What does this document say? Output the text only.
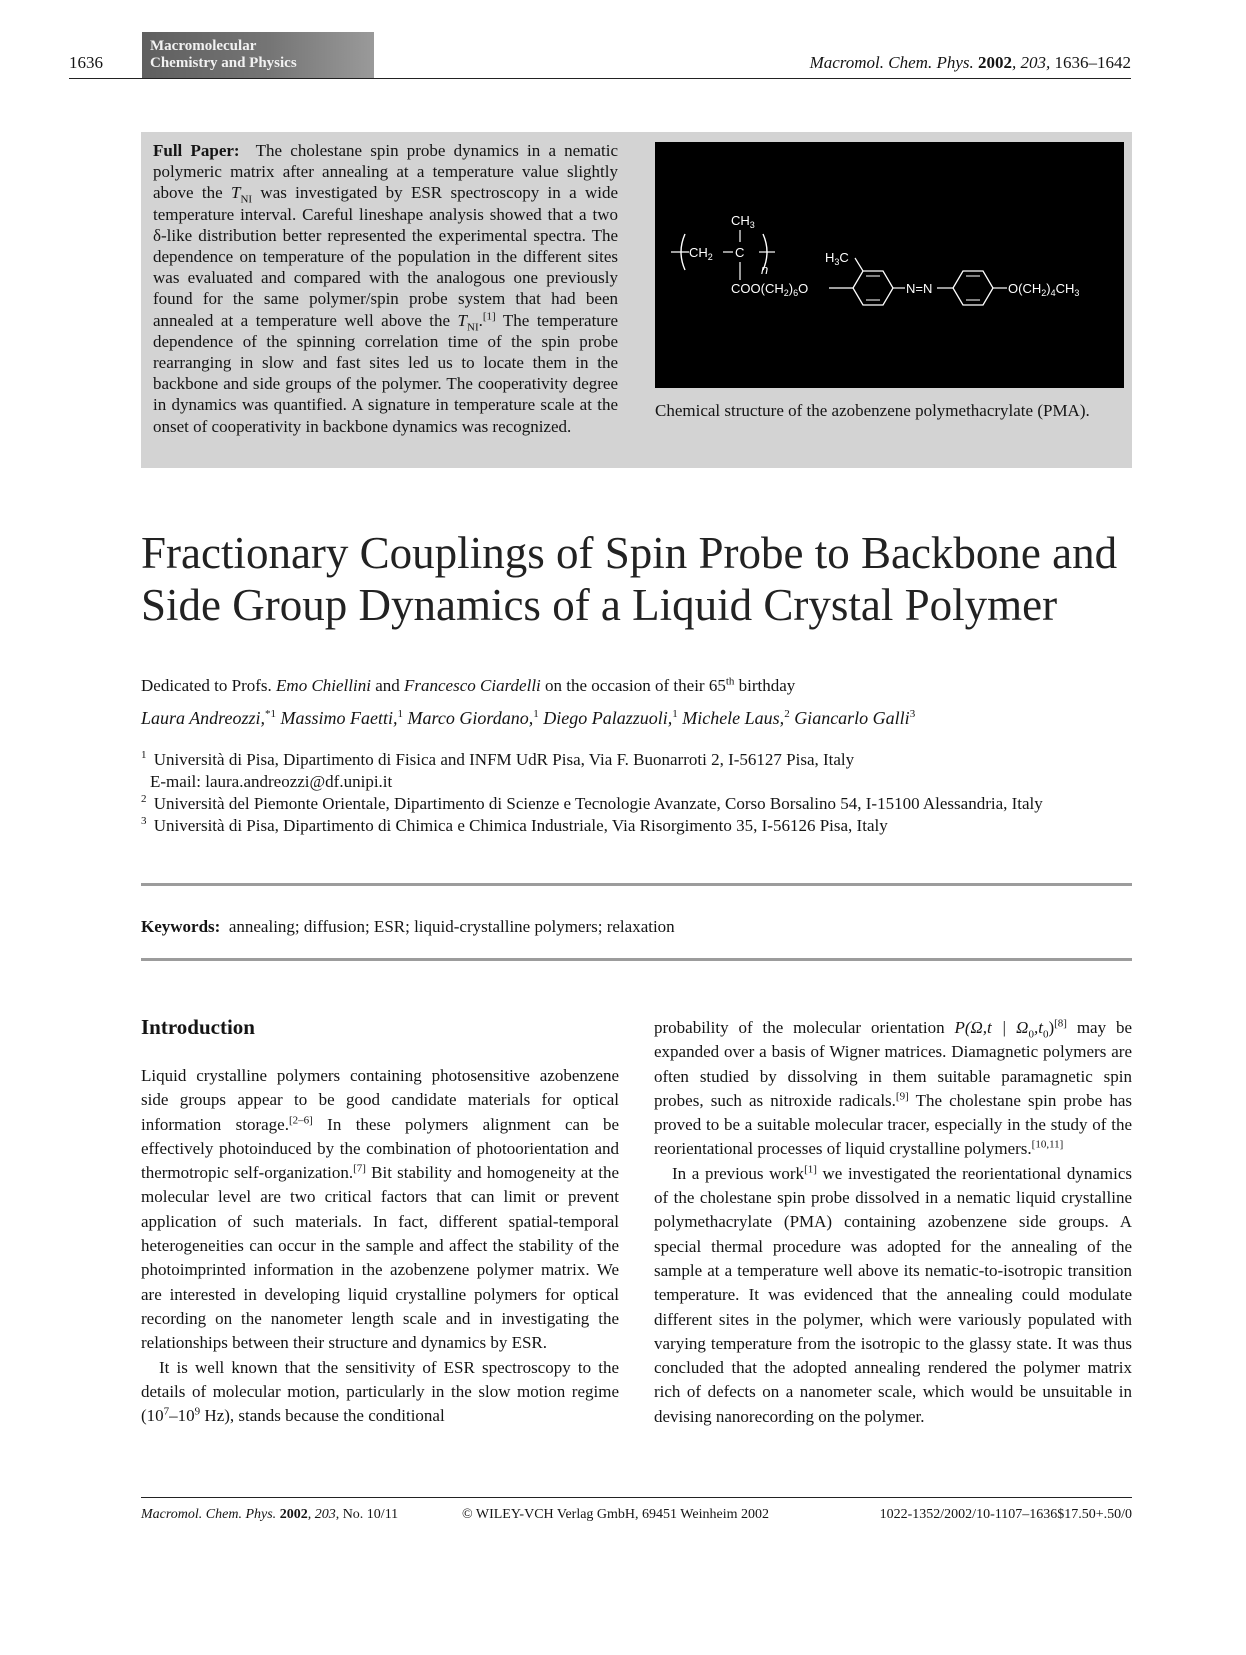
1636
Macromolecular
Chemistry and Physics	Macromol. Chem. Phys. 2002, 203, 1636–1642

Full Paper: The cholestane spin probe dynamics in a nematic polymeric matrix after annealing at a temperature value slightly above the $T_{NI}$ was investigated by ESR spectroscopy in a wide temperature interval. Careful lineshape analysis showed that a two δ-like distribution better represented the experimental spectra. The dependence on temperature of the population in the different sites was evaluated and compared with the analogous one previously found for the same polymer/spin probe system that had been annealed at a temperature well above the $T_{NI}.[1]$ The temperature dependence of the spinning correlation time of the spin probe rearranging in slow and fast sites led us to locate them in the backbone and side groups of the polymer. The cooperativity degree in dynamics was quantified. A signature in temperature scale at the onset of cooperativity in backbone dynamics was recognized.

$CH_2$ C
$CH_3$
n
$COO(CH_2)_6O$
$H_3C$
N=N	$O(CH_2)_4CH_3$

Chemical structure of the azobenzene polymethacrylate (PMA).

Fractionary Couplings of Spin Probe to Backbone and Side Group Dynamics of a Liquid Crystal Polymer
Dedicated to Profs. Emo Chiellini and Francesco Ciardelli on the occasion of their 65th birthday
Laura Andreozzi,$^{*1}$ Massimo Faetti,$^1$ Marco Giordano,$^1$ Diego Palazzuoli,$^1$ Michele Laus,$^2$ Giancarlo Galli$^3$
$^1$ Università di Pisa, Dipartimento di Fisica and INFM UdR Pisa, Via F. Buonarroti 2, I-56127 Pisa, Italy
E-mail: laura.andreozzi@df.unipi.it
$^2$ Università del Piemonte Orientale, Dipartimento di Scienze e Tecnologie Avanzate, Corso Borsalino 54, I-15100 Alessandria, Italy
$^3$ Università di Pisa, Dipartimento di Chimica e Chimica Industriale, Via Risorgimento 35, I-56126 Pisa, Italy
Keywords: annealing; diffusion; ESR; liquid-crystalline polymers; relaxation
Introduction

Liquid crystalline polymers containing photosensitive azobenzene side groups appear to be good candidate materials for optical information storage.[2–6] In these polymers alignment can be effectively photoinduced by the combination of photoorientation and thermotropic self-organization.[7] Bit stability and homogeneity at the molecular level are two critical factors that can limit or prevent application of such materials. In fact, different spatial-temporal heterogeneities can occur in the sample and affect the stability of the photoimprinted information in the azobenzene polymer matrix. We are interested in developing liquid crystalline polymers for optical recording on the nanometer length scale and in investigating the relationships between their structure and dynamics by ESR.

It is well known that the sensitivity of ESR spectroscopy to the details of molecular motion, particularly in the slow motion regime ($10^7-10^9$ Hz), stands because the conditional

probability of the molecular orientation P(Ω,t | $\Omega_0,t_0)[8]$ may be expanded over a basis of Wigner matrices. Diamagnetic polymers are often studied by dissolving in them suitable paramagnetic spin probes, such as nitroxide radicals.[9] The cholestane spin probe has proved to be a suitable molecular tracer, especially in the study of the reorientational processes of liquid crystalline polymers.[10,11]

In a previous work[1] we investigated the reorientational dynamics of the cholestane spin probe dissolved in a nematic liquid crystalline polymethacrylate (PMA) containing azobenzene side groups. A special thermal procedure was adopted for the annealing of the sample at a temperature well above its nematic-to-isotropic transition temperature. It was evidenced that the annealing could modulate different sites in the polymer, which were variously populated with varying temperature from the isotropic to the glassy state. It was thus concluded that the adopted annealing rendered the polymer matrix rich of defects on a nanometer scale, which would be unsuitable in devising nanorecording on the polymer.

Macromol. Chem. Phys. 2002, 203, No. 10/11	© WILEY-VCH Verlag GmbH, 69451 Weinheim 2002	1022-1352/2002/10-1107–1636$17.50+.50/0
